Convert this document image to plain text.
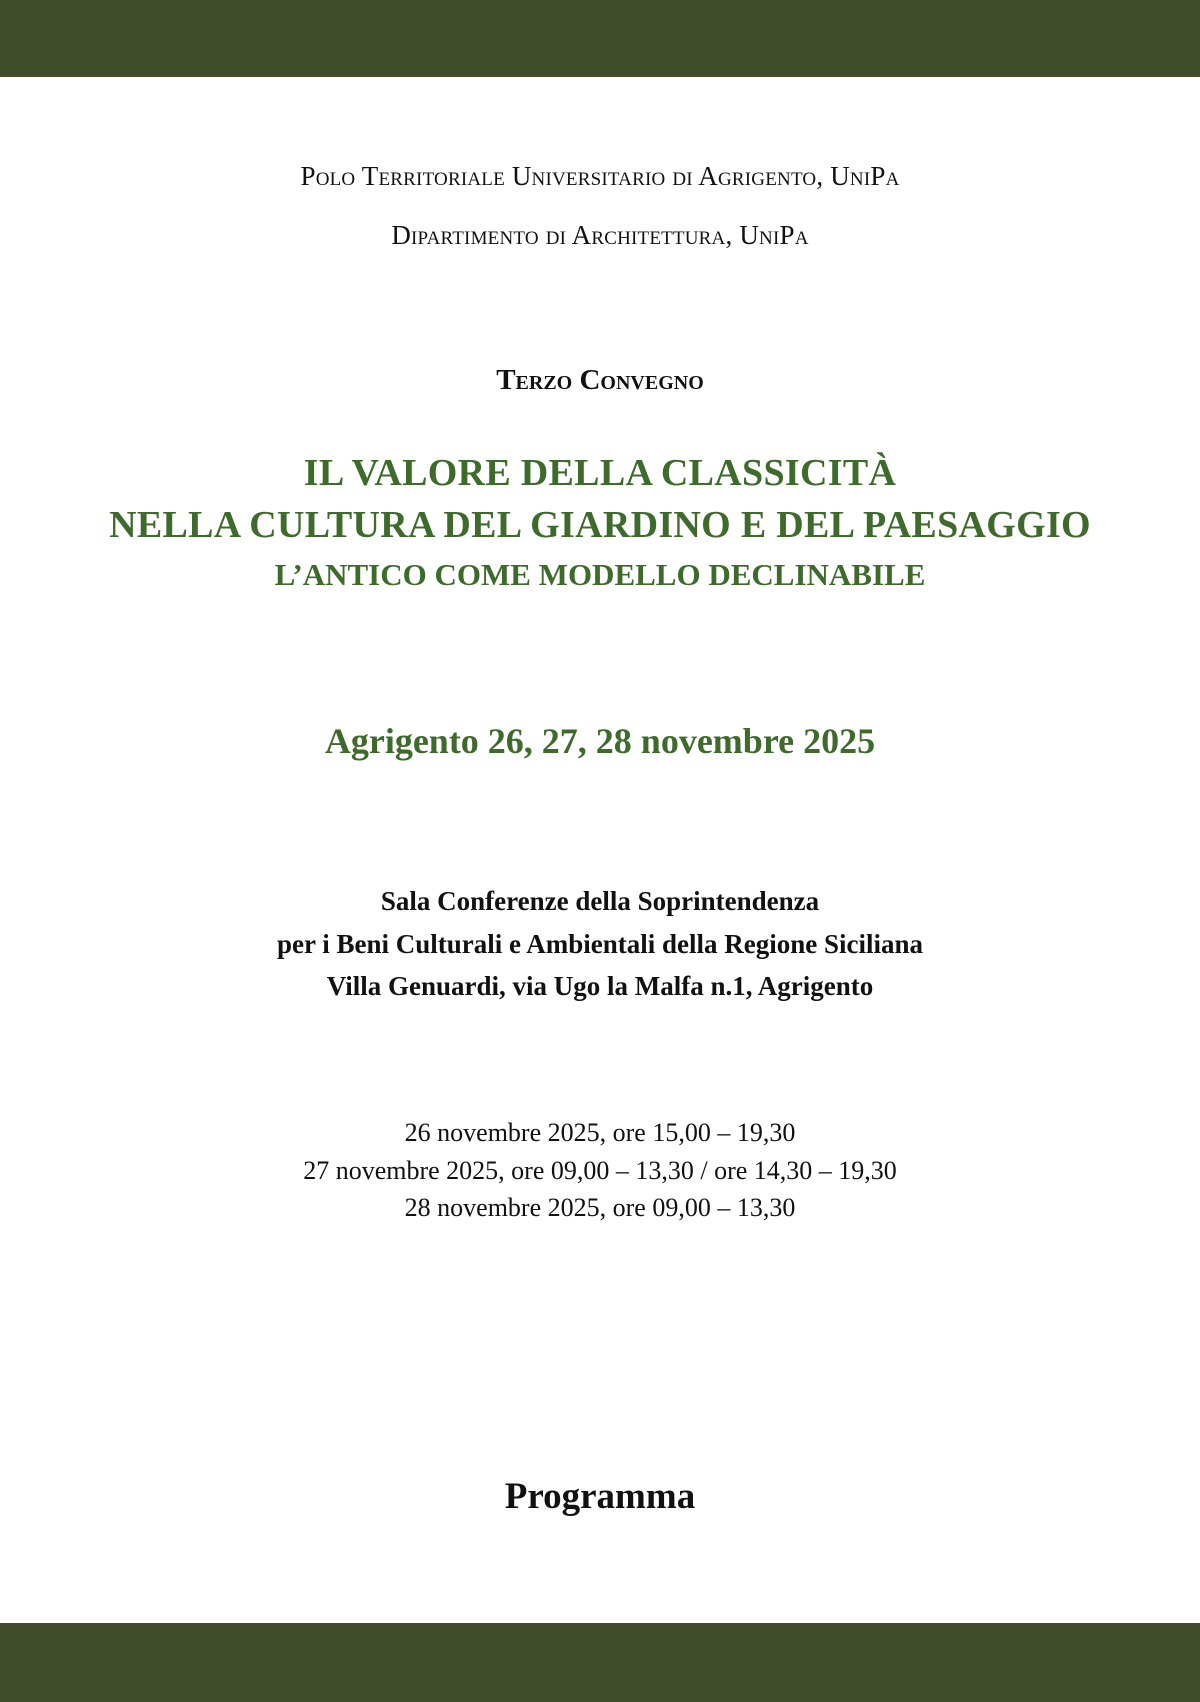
Polo Territoriale Universitario di Agrigento, UniPa
Dipartimento di Architettura, UniPa
Terzo Convegno
IL VALORE DELLA CLASSICITÀ
NELLA CULTURA DEL GIARDINO E DEL PAESAGGIO
L’ANTICO COME MODELLO DECLINABILE
Agrigento 26, 27, 28 novembre 2025
Sala Conferenze della Soprintendenza
per i Beni Culturali e Ambientali della Regione Siciliana
Villa Genuardi, via Ugo la Malfa n.1, Agrigento
26 novembre 2025, ore 15,00 – 19,30
27 novembre 2025, ore 09,00 – 13,30 / ore 14,30 – 19,30
28 novembre 2025, ore 09,00 – 13,30
Programma
